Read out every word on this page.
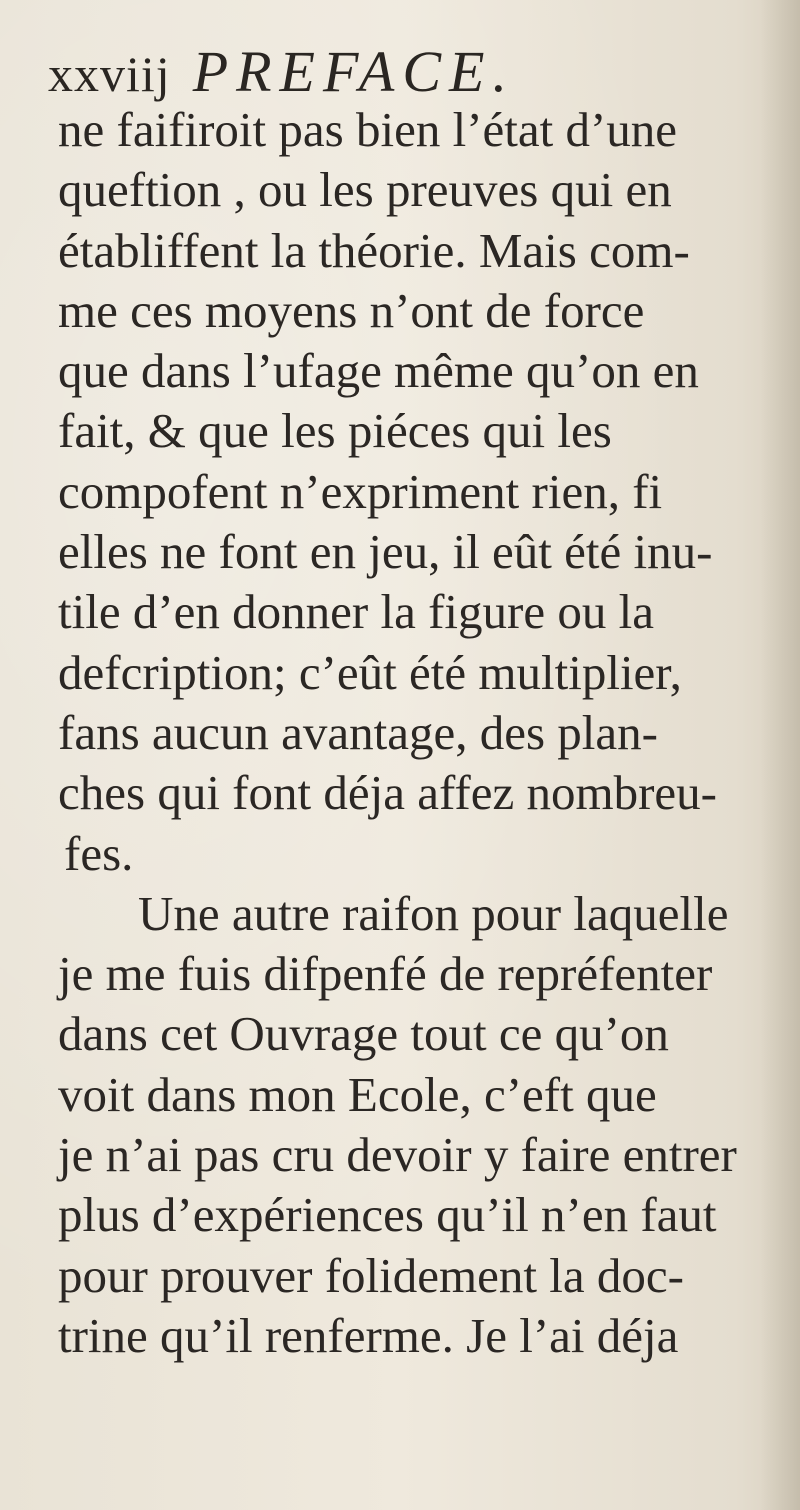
xxviij PREFACE.
ne faifiroit pas bien l’état d’une
queftion , ou les preuves qui en
établiffent la théorie. Mais com-
me ces moyens n’ont de force
que dans l’ufage même qu’on en
fait, & que les piéces qui les
compofent n’expriment rien, fi
elles ne font en jeu, il eût été inu-
tile d’en donner la figure ou la
defcription; c’eût été multiplier,
fans aucun avantage, des plan-
ches qui font déja affez nombreu-
fes.
Une autre raifon pour laquelle
je me fuis difpenfé de repréfenter
dans cet Ouvrage tout ce qu’on
voit dans mon Ecole, c’eft que
je n’ai pas cru devoir y faire entrer
plus d’expériences qu’il n’en faut
pour prouver folidement la doc-
trine qu’il renferme. Je l’ai déja
